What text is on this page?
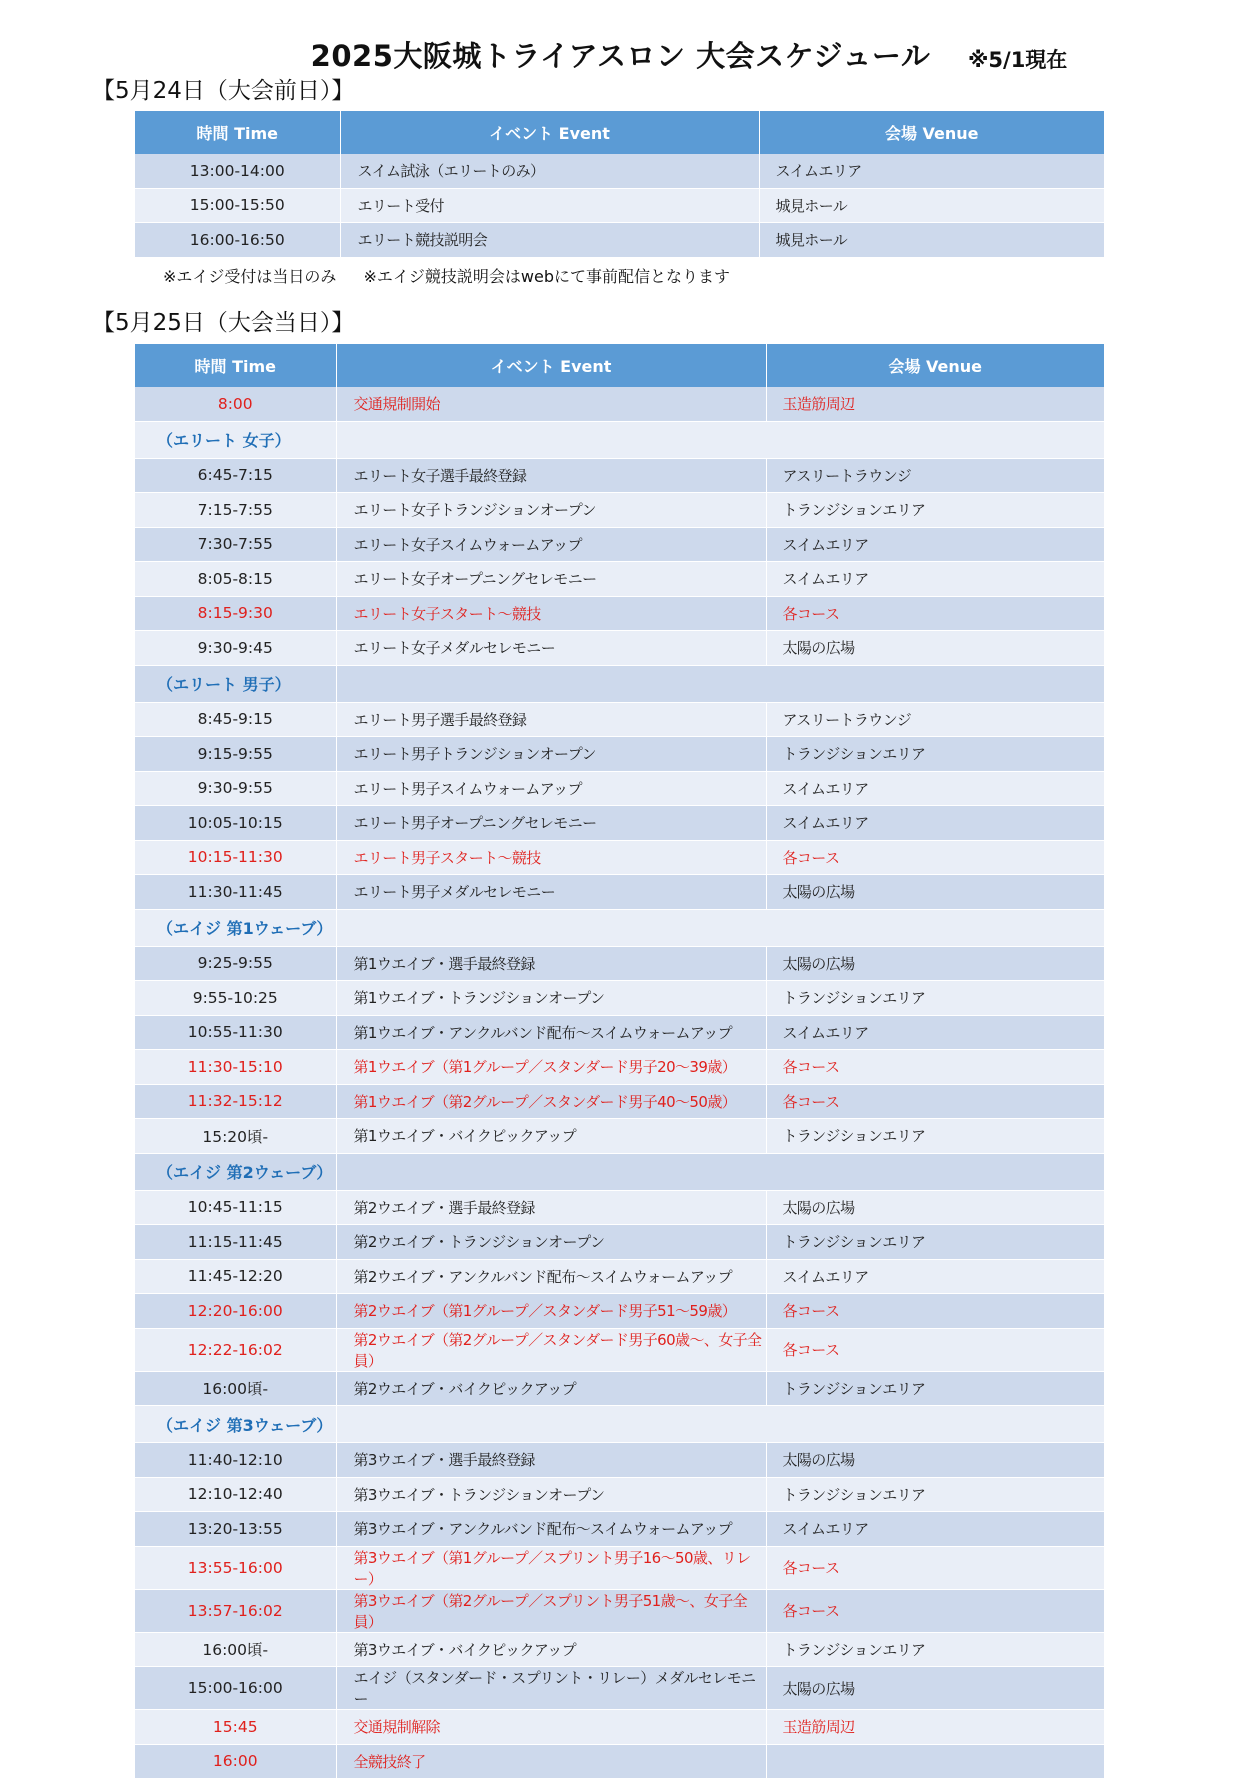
2025大阪城トライアスロン 大会スケジュール	※5/1現在
【5月24日（大会前日）】
時間 Time	イベント Event	会場 Venue
13:00-14:00	スイム試泳（エリートのみ）	スイムエリア
15:00-15:50	エリート受付	城見ホール
16:00-16:50	エリート競技説明会	城見ホール
※エイジ受付は当日のみ ※エイジ競技説明会はwebにて事前配信となります
【5月25日（大会当日）】
時間 Time	イベント Event	会場 Venue
8:00	交通規制開始	玉造筋周辺
（エリート 女子）		
6:45-7:15	エリート女子選手最終登録	アスリートラウンジ
7:15-7:55	エリート女子トランジションオープン	トランジションエリア
7:30-7:55	エリート女子スイムウォームアップ	スイムエリア
8:05-8:15	エリート女子オープニングセレモニー	スイムエリア
8:15-9:30	エリート女子スタート～競技	各コース
9:30-9:45	エリート女子メダルセレモニー	太陽の広場
（エリート 男子）		
8:45-9:15	エリート男子選手最終登録	アスリートラウンジ
9:15-9:55	エリート男子トランジションオープン	トランジションエリア
9:30-9:55	エリート男子スイムウォームアップ	スイムエリア
10:05-10:15	エリート男子オープニングセレモニー	スイムエリア
10:15-11:30	エリート男子スタート～競技	各コース
11:30-11:45	エリート男子メダルセレモニー	太陽の広場
（エイジ 第1ウェーブ）		
9:25-9:55	第1ウエイブ・選手最終登録	太陽の広場
9:55-10:25	第1ウエイブ・トランジションオープン	トランジションエリア
10:55-11:30	第1ウエイブ・アンクルバンド配布～スイムウォームアップ	スイムエリア
11:30-15:10	第1ウエイブ（第1グループ／スタンダード男子20～39歳）	各コース
11:32-15:12	第1ウエイブ（第2グループ／スタンダード男子40～50歳）	各コース
15:20頃-	第1ウエイブ・バイクピックアップ	トランジションエリア
（エイジ 第2ウェーブ）		
10:45-11:15	第2ウエイブ・選手最終登録	太陽の広場
11:15-11:45	第2ウエイブ・トランジションオープン	トランジションエリア
11:45-12:20	第2ウエイブ・アンクルバンド配布～スイムウォームアップ	スイムエリア
12:20-16:00	第2ウエイブ（第1グループ／スタンダード男子51～59歳）	各コース
12:22-16:02	第2ウエイブ（第2グループ／スタンダード男子60歳～、女子全員）	各コース
16:00頃-	第2ウエイブ・バイクピックアップ	トランジションエリア
（エイジ 第3ウェーブ）		
11:40-12:10	第3ウエイブ・選手最終登録	太陽の広場
12:10-12:40	第3ウエイブ・トランジションオープン	トランジションエリア
13:20-13:55	第3ウエイブ・アンクルバンド配布～スイムウォームアップ	スイムエリア
13:55-16:00	第3ウエイブ（第1グループ／スプリント男子16～50歳、リレー）	各コース
13:57-16:02	第3ウエイブ（第2グループ／スプリント男子51歳～、女子全員）	各コース
16:00頃-	第3ウエイブ・バイクピックアップ	トランジションエリア
15:00-16:00	エイジ（スタンダード・スプリント・リレー）メダルセレモニー	太陽の広場
15:45	交通規制解除	玉造筋周辺
16:00	全競技終了	
